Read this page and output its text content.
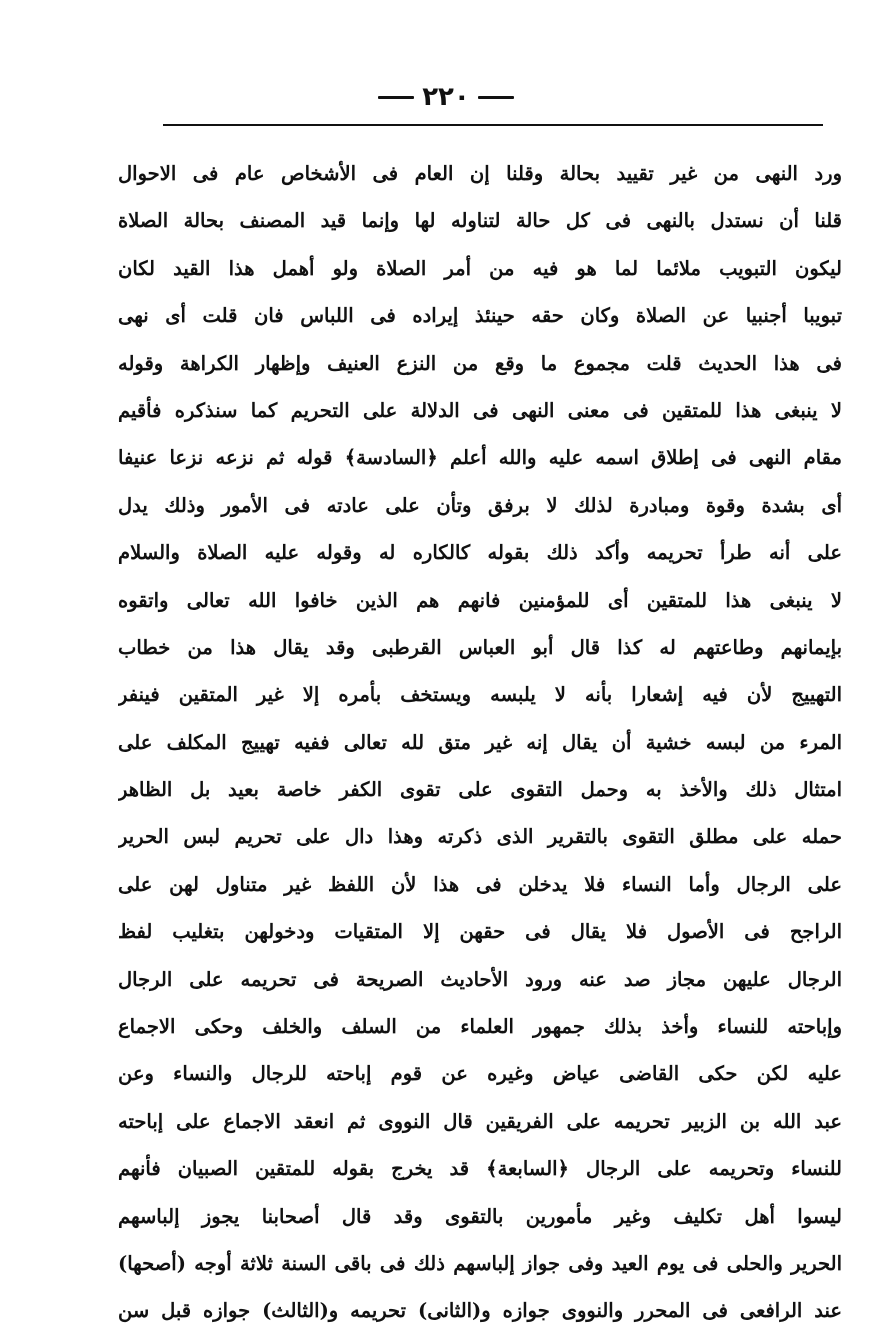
٢٢٠
ورد النهى من غير تقييد بحالة وقلنا إن العام فى الأشخاص عام فى الاحوال
قلنا أن نستدل بالنهى فى كل حالة لتناوله لها وإنما قيد المصنف بحالة الصلاة
ليكون التبويب ملائما لما هو فيه من أمر الصلاة ولو أهمل هذا القيد لكان
تبويبا أجنبيا عن الصلاة وكان حقه حينئذ إيراده فى اللباس فان قلت أى نهى
فى هذا الحديث قلت مجموع ما وقع من النزع العنيف وإظهار الكراهة وقوله
لا ينبغى هذا للمتقين فى معنى النهى فى الدلالة على التحريم كما سنذكره فأقيم
مقام النهى فى إطلاق اسمه عليه والله أعلم ﴿السادسة﴾ قوله ثم نزعه نزعا عنيفا
أى بشدة وقوة ومبادرة لذلك لا برفق وتأن على عادته فى الأمور وذلك يدل
على أنه طرأ تحريمه وأكد ذلك بقوله كالكاره له وقوله عليه الصلاة والسلام
لا ينبغى هذا للمتقين أى للمؤمنين فانهم هم الذين خافوا الله تعالى واتقوه
بإيمانهم وطاعتهم له كذا قال أبو العباس القرطبى وقد يقال هذا من خطاب
التهييج لأن فيه إشعارا بأنه لا يلبسه ويستخف بأمره إلا غير المتقين فينفر
المرء من لبسه خشية أن يقال إنه غير متق لله تعالى ففيه تهييج المكلف على
امتثال ذلك والأخذ به وحمل التقوى على تقوى الكفر خاصة بعيد بل الظاهر
حمله على مطلق التقوى بالتقرير الذى ذكرته وهذا دال على تحريم لبس الحرير
على الرجال وأما النساء فلا يدخلن فى هذا لأن اللفظ غير متناول لهن على
الراجح فى الأصول فلا يقال فى حقهن إلا المتقيات ودخولهن بتغليب لفظ
الرجال عليهن مجاز صد عنه ورود الأحاديث الصريحة فى تحريمه على الرجال
وإباحته للنساء وأخذ بذلك جمهور العلماء من السلف والخلف وحكى الاجماع
عليه لكن حكى القاضى عياض وغيره عن قوم إباحته للرجال والنساء وعن
عبد الله بن الزبير تحريمه على الفريقين قال النووى ثم انعقد الاجماع على إباحته
للنساء وتحريمه على الرجال ﴿السابعة﴾ قد يخرج بقوله للمتقين الصبيان فأنهم
ليسوا أهل تكليف وغير مأمورين بالتقوى وقد قال أصحابنا يجوز إلباسهم
الحرير والحلى فى يوم العيد وفى جواز إلباسهم ذلك فى باقى السنة ثلاثة أوجه (أصحها)
عند الرافعى فى المحرر والنووى جوازه و(الثانى) تحريمه و(الثالث) جوازه قبل سن
